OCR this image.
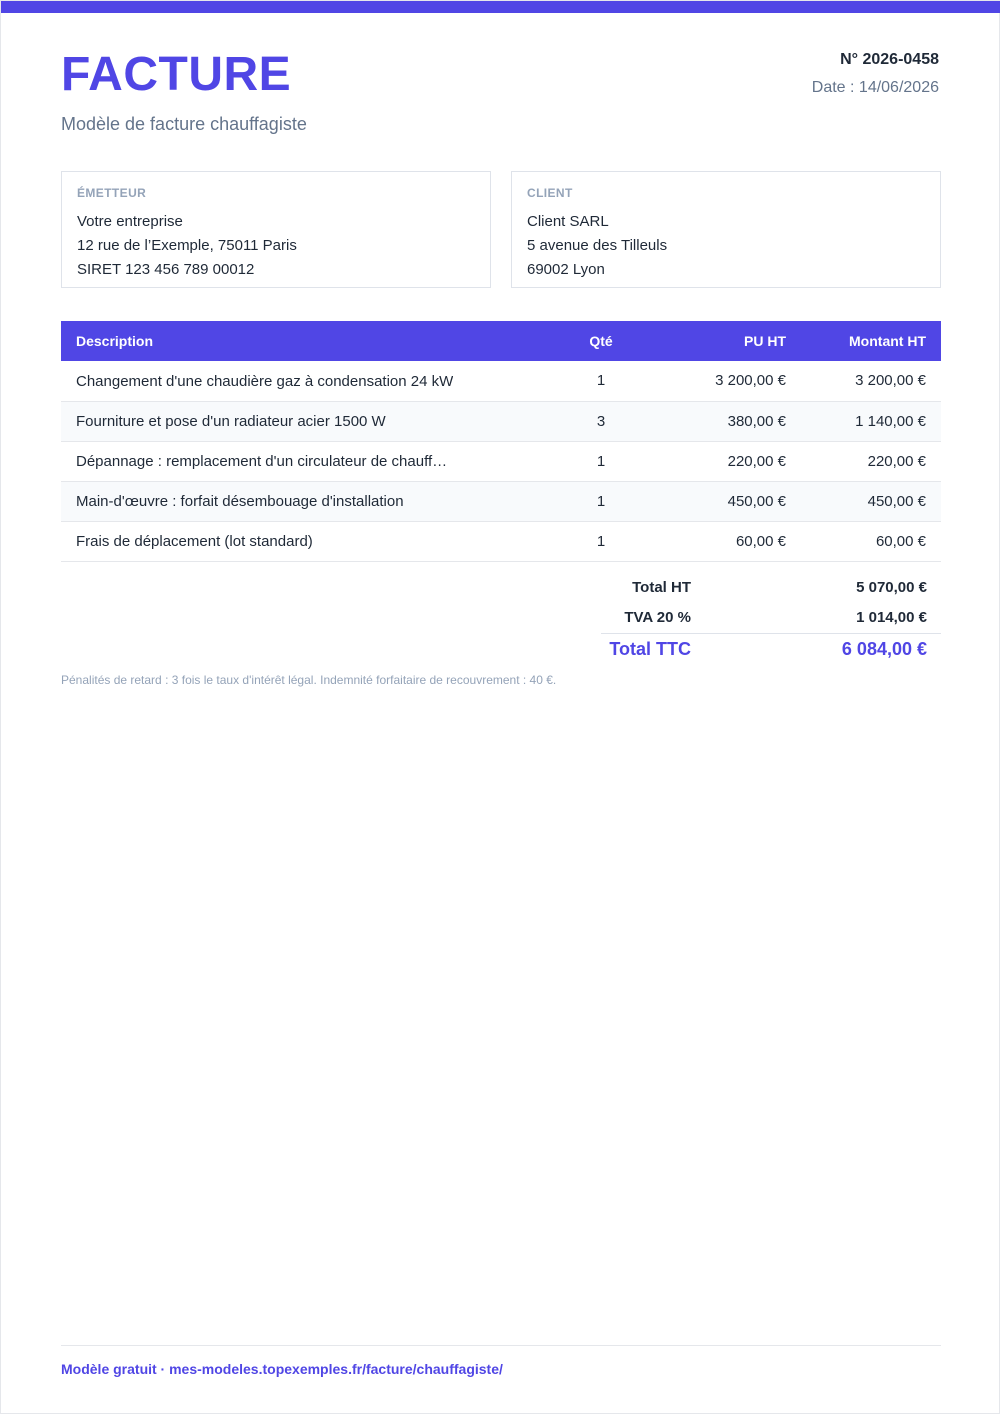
FACTURE
Modèle de facture chauffagiste
N° 2026-0458
Date : 14/06/2026
ÉMETTEUR
Votre entreprise
12 rue de l’Exemple, 75011 Paris
SIRET 123 456 789 00012
CLIENT
Client SARL
5 avenue des Tilleuls
69002 Lyon
Description	Qté	PU HT	Montant HT
Changement d'une chaudière gaz à condensation 24 kW	1	3 200,00 €	3 200,00 €
Fourniture et pose d'un radiateur acier 1500 W	3	380,00 €	1 140,00 €
Dépannage : remplacement d'un circulateur de chauff…	1	220,00 €	220,00 €
Main-d'œuvre : forfait désembouage d'installation	1	450,00 €	450,00 €
Frais de déplacement (lot standard)	1	60,00 €	60,00 €
Total HT	5 070,00 €
TVA 20 %	1 014,00 €
Total TTC	6 084,00 €
Pénalités de retard : 3 fois le taux d'intérêt légal. Indemnité forfaitaire de recouvrement : 40 €.
Modèle gratuit · mes-modeles.topexemples.fr/facture/chauffagiste/
